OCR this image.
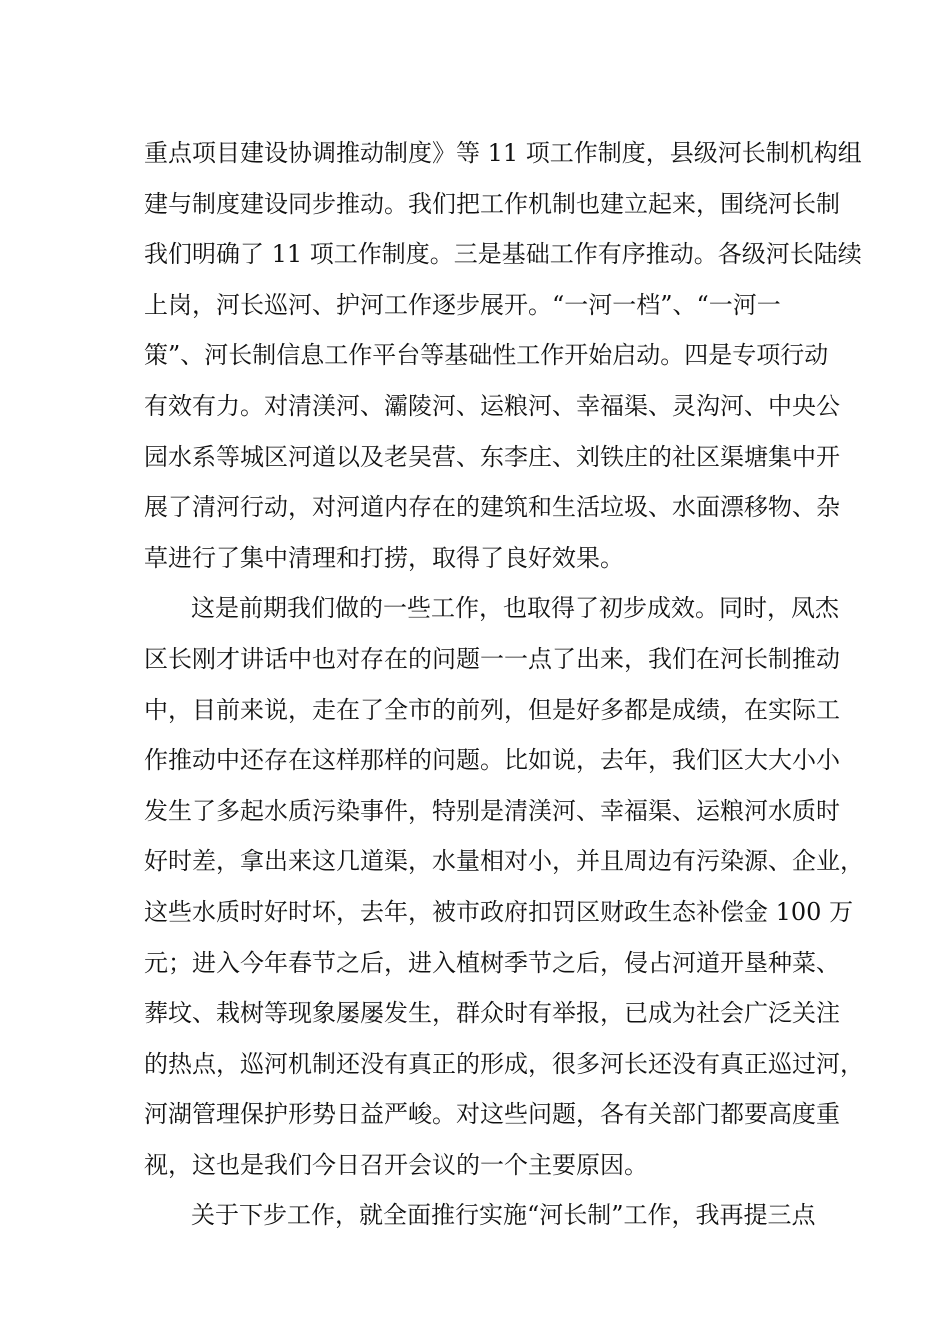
重点项目建设协调推动制度》等 11 项工作制度，县级河长制机构组
建与制度建设同步推动。我们把工作机制也建立起来，围绕河长制
我们明确了 11 项工作制度。三是基础工作有序推动。各级河长陆续
上岗，河长巡河、护河工作逐步展开。“一河一档”、“一河一
策”、河长制信息工作平台等基础性工作开始启动。四是专项行动
有效有力。对清渼河、灞陵河、运粮河、幸福渠、灵沟河、中央公
园水系等城区河道以及老吴营、东李庄、刘铁庄的社区渠塘集中开
展了清河行动，对河道内存在的建筑和生活垃圾、水面漂移物、杂
草进行了集中清理和打捞，取得了良好效果。
这是前期我们做的一些工作，也取得了初步成效。同时，凤杰
区长刚才讲话中也对存在的问题一一点了出来，我们在河长制推动
中，目前来说，走在了全市的前列，但是好多都是成绩，在实际工
作推动中还存在这样那样的问题。比如说，去年，我们区大大小小
发生了多起水质污染事件，特别是清渼河、幸福渠、运粮河水质时
好时差，拿出来这几道渠，水量相对小，并且周边有污染源、企业，
这些水质时好时坏，去年，被市政府扣罚区财政生态补偿金 100 万
元；进入今年春节之后，进入植树季节之后，侵占河道开垦种菜、
葬坟、栽树等现象屡屡发生，群众时有举报，已成为社会广泛关注
的热点，巡河机制还没有真正的形成，很多河长还没有真正巡过河，
河湖管理保护形势日益严峻。对这些问题，各有关部门都要高度重
视，这也是我们今日召开会议的一个主要原因。
关于下步工作，就全面推行实施“河长制”工作，我再提三点
